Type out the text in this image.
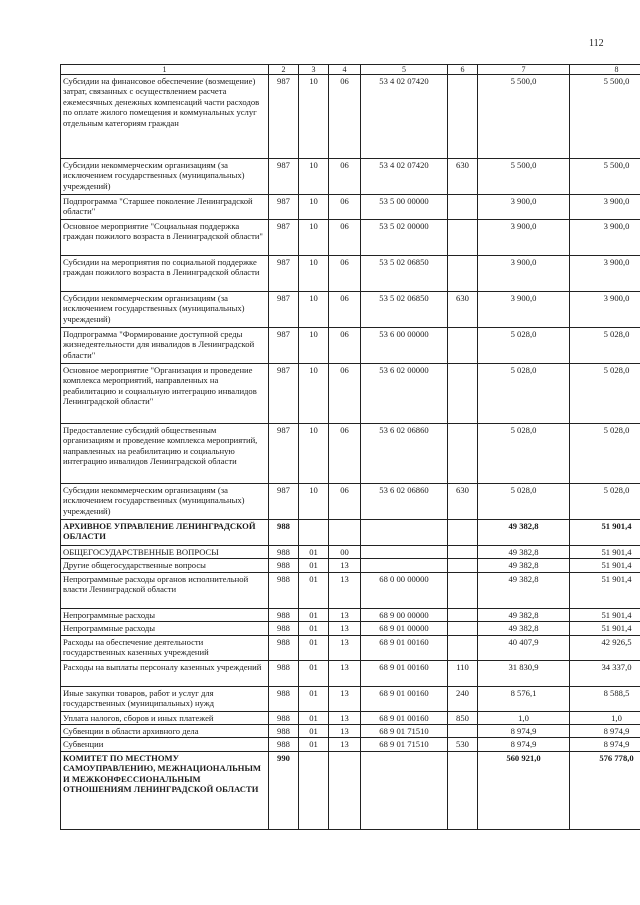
112
1	2	3	4	5	6	7	8
Субсидии на финансовое обеспечение (возмещение) затрат, связанных с осуществлением расчета ежемесячных денежных компенсаций части расходов по оплате жилого помещения и коммунальных услуг отдельным категориям граждан	987	10	06	53 4 02 07420		5 500,0	5 500,0
Субсидии некоммерческим организациям (за исключением государственных (муниципальных) учреждений)	987	10	06	53 4 02 07420	630	5 500,0	5 500,0
Подпрограмма "Старшее поколение Ленинградской области"	987	10	06	53 5 00 00000		3 900,0	3 900,0
Основное мероприятие "Социальная поддержка граждан пожилого возраста в Ленинградской области"	987	10	06	53 5 02 00000		3 900,0	3 900,0
Субсидии на мероприятия по социальной поддержке граждан пожилого возраста в Ленинградской области	987	10	06	53 5 02 06850		3 900,0	3 900,0
Субсидии некоммерческим организациям (за исключением государственных (муниципальных) учреждений)	987	10	06	53 5 02 06850	630	3 900,0	3 900,0
Подпрограмма "Формирование доступной среды жизнедеятельности для инвалидов в Ленинградской области"	987	10	06	53 6 00 00000		5 028,0	5 028,0
Основное мероприятие "Организация и проведение комплекса мероприятий, направленных на реабилитацию и социальную интеграцию инвалидов Ленинградской области"	987	10	06	53 6 02 00000		5 028,0	5 028,0
Предоставление субсидий общественным организациям и проведение комплекса мероприятий, направленных на реабилитацию и социальную интеграцию инвалидов Ленинградской области	987	10	06	53 6 02 06860		5 028,0	5 028,0
Субсидии некоммерческим организациям (за исключением государственных (муниципальных) учреждений)	987	10	06	53 6 02 06860	630	5 028,0	5 028,0
АРХИВНОЕ УПРАВЛЕНИЕ ЛЕНИНГРАДСКОЙ ОБЛАСТИ	988					49 382,8	51 901,4
ОБЩЕГОСУДАРСТВЕННЫЕ ВОПРОСЫ	988	01	00			49 382,8	51 901,4
Другие общегосударственные вопросы	988	01	13			49 382,8	51 901,4
Непрограммные расходы органов исполнительной власти Ленинградской области	988	01	13	68 0 00 00000		49 382,8	51 901,4
Непрограммные расходы	988	01	13	68 9 00 00000		49 382,8	51 901,4
Непрограммные расходы	988	01	13	68 9 01 00000		49 382,8	51 901,4
Расходы на обеспечение деятельности государственных казенных учреждений	988	01	13	68 9 01 00160		40 407,9	42 926,5
Расходы на выплаты персоналу казенных учреждений	988	01	13	68 9 01 00160	110	31 830,9	34 337,0
Иные закупки товаров, работ и услуг для государственных (муниципальных) нужд	988	01	13	68 9 01 00160	240	8 576,1	8 588,5
Уплата налогов, сборов и иных платежей	988	01	13	68 9 01 00160	850	1,0	1,0
Субвенции в области архивного дела	988	01	13	68 9 01 71510		8 974,9	8 974,9
Субвенции	988	01	13	68 9 01 71510	530	8 974,9	8 974,9
КОМИТЕТ ПО МЕСТНОМУ САМОУПРАВЛЕНИЮ, МЕЖНАЦИОНАЛЬНЫМ И МЕЖКОНФЕССИОНАЛЬНЫМ ОТНОШЕНИЯМ ЛЕНИНГРАДСКОЙ ОБЛАСТИ	990					560 921,0	576 778,0
